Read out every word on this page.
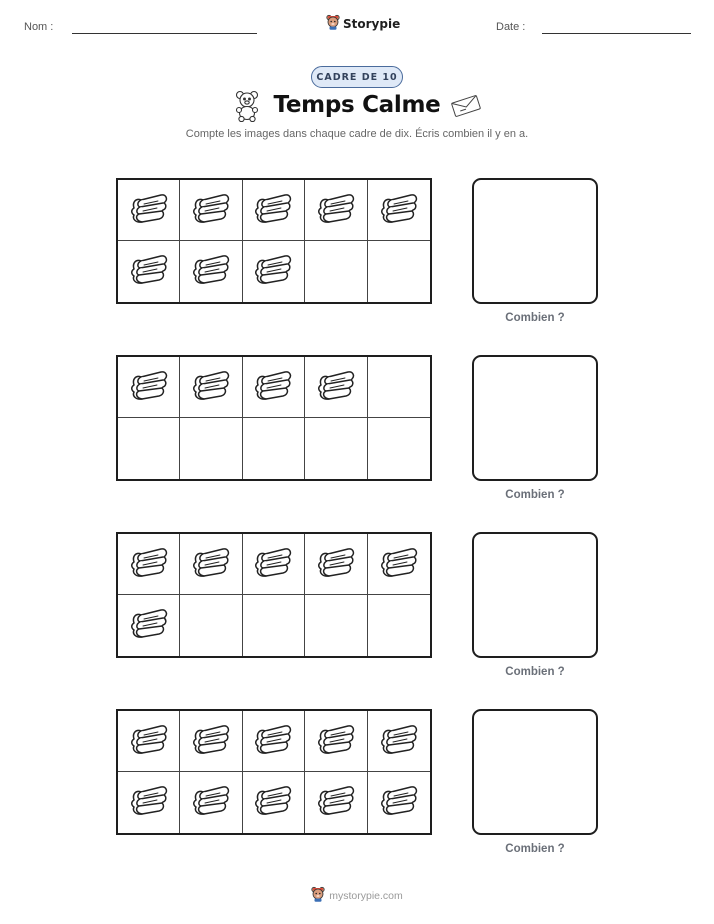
Nom :	Storypie	Date :
CADRE DE 10
Temps Calme
Compte les images dans chaque cadre de dix. Écris combien il y en a.
Combien ?
Combien ?
Combien ?
Combien ?
mystorypie.com
